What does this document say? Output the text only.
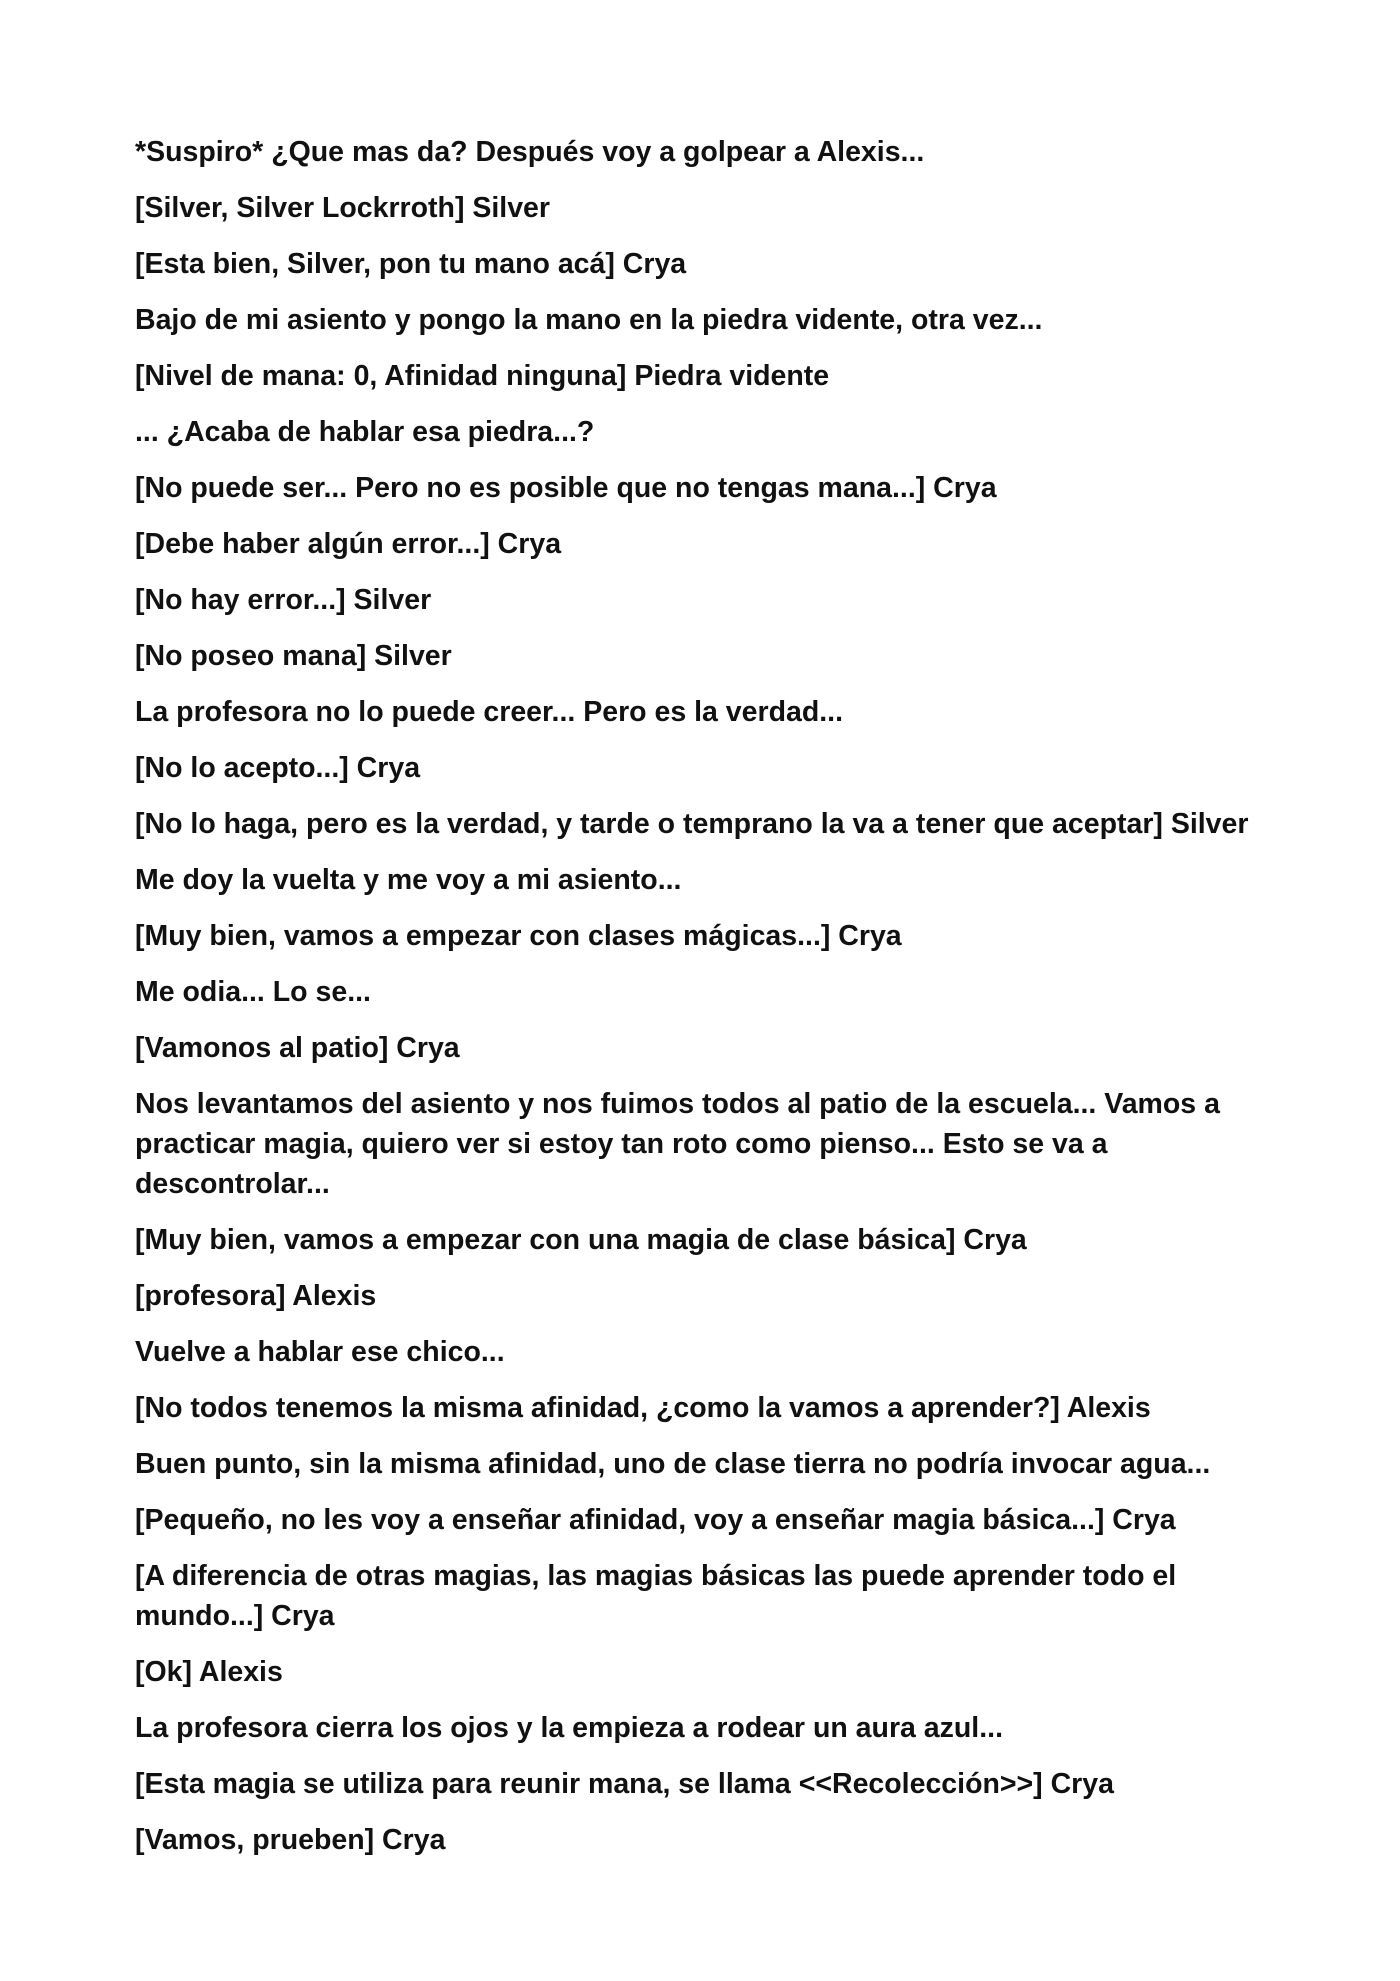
*Suspiro* ¿Que mas da? Después voy a golpear a Alexis...

[Silver, Silver Lockrroth] Silver

[Esta bien, Silver, pon tu mano acá] Crya

Bajo de mi asiento y pongo la mano en la piedra vidente, otra vez...

[Nivel de mana: 0, Afinidad ninguna] Piedra vidente

... ¿Acaba de hablar esa piedra...?

[No puede ser... Pero no es posible que no tengas mana...] Crya

[Debe haber algún error...] Crya

[No hay error...] Silver

[No poseo mana] Silver

La profesora no lo puede creer... Pero es la verdad...

[No lo acepto...] Crya

[No lo haga, pero es la verdad, y tarde o temprano la va a tener que aceptar] Silver

Me doy la vuelta y me voy a mi asiento...

[Muy bien, vamos a empezar con clases mágicas...] Crya

Me odia... Lo se...

[Vamonos al patio] Crya

Nos levantamos del asiento y nos fuimos todos al patio de la escuela... Vamos a practicar magia, quiero ver si estoy tan roto como pienso... Esto se va a descontrolar...

[Muy bien, vamos a empezar con una magia de clase básica] Crya

[profesora] Alexis

Vuelve a hablar ese chico...

[No todos tenemos la misma afinidad, ¿como la vamos a aprender?] Alexis

Buen punto, sin la misma afinidad, uno de clase tierra no podría invocar agua...

[Pequeño, no les voy a enseñar afinidad, voy a enseñar magia básica...] Crya

[A diferencia de otras magias, las magias básicas las puede aprender todo el mundo...] Crya

[Ok] Alexis

La profesora cierra los ojos y la empieza a rodear un aura azul...

[Esta magia se utiliza para reunir mana, se llama <<Recolección>>] Crya

[Vamos, prueben] Crya
